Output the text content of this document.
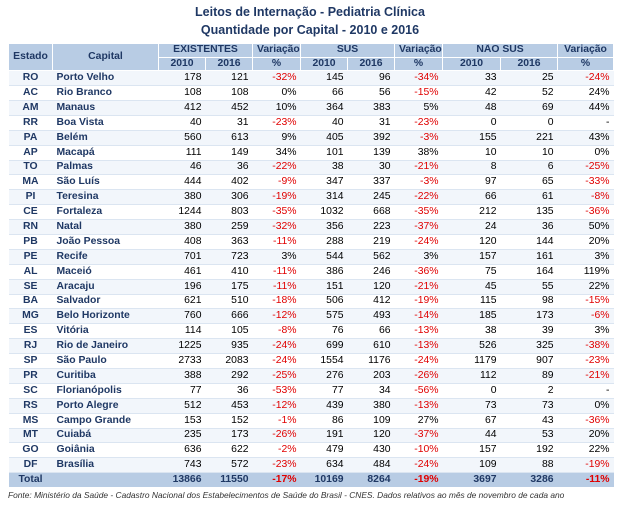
Leitos de Internação - Pediatria Clínica
Quantidade por Capital - 2010 e 2016
Estado	Capital	EXISTENTES		Variação	SUS		Variação	NÃO SUS		Variação
		2010	2016	%	2010	2016	%	2010	2016	%
RO	Porto Velho	178	121	-32%	145	96	-34%	33	25	-24%
AC	Rio Branco	108	108	0%	66	56	-15%	42	52	24%
AM	Manaus	412	452	10%	364	383	5%	48	69	44%
RR	Boa Vista	40	31	-23%	40	31	-23%	0	0	-
PA	Belém	560	613	9%	405	392	-3%	155	221	43%
AP	Macapá	111	149	34%	101	139	38%	10	10	0%
TO	Palmas	46	36	-22%	38	30	-21%	8	6	-25%
MA	São Luís	444	402	-9%	347	337	-3%	97	65	-33%
PI	Teresina	380	306	-19%	314	245	-22%	66	61	-8%
CE	Fortaleza	1244	803	-35%	1032	668	-35%	212	135	-36%
RN	Natal	380	259	-32%	356	223	-37%	24	36	50%
PB	João Pessoa	408	363	-11%	288	219	-24%	120	144	20%
PE	Recife	701	723	3%	544	562	3%	157	161	3%
AL	Maceió	461	410	-11%	386	246	-36%	75	164	119%
SE	Aracaju	196	175	-11%	151	120	-21%	45	55	22%
BA	Salvador	621	510	-18%	506	412	-19%	115	98	-15%
MG	Belo Horizonte	760	666	-12%	575	493	-14%	185	173	-6%
ES	Vitória	114	105	-8%	76	66	-13%	38	39	3%
RJ	Rio de Janeiro	1225	935	-24%	699	610	-13%	526	325	-38%
SP	São Paulo	2733	2083	-24%	1554	1176	-24%	1179	907	-23%
PR	Curitiba	388	292	-25%	276	203	-26%	112	89	-21%
SC	Florianópolis	77	36	-53%	77	34	-56%	0	2	-
RS	Porto Alegre	512	453	-12%	439	380	-13%	73	73	0%
MS	Campo Grande	153	152	-1%	86	109	27%	67	43	-36%
MT	Cuiabá	235	173	-26%	191	120	-37%	44	53	20%
GO	Goiânia	636	622	-2%	479	430	-10%	157	192	22%
DF	Brasília	743	572	-23%	634	484	-24%	109	88	-19%
Total		13866	11550	-17%	10169	8264	-19%	3697	3286	-11%
Fonte: Ministério da Saúde - Cadastro Nacional dos Estabelecimentos de Saúde do Brasil - CNES. Dados relativos ao mês de novembro de cada ano
